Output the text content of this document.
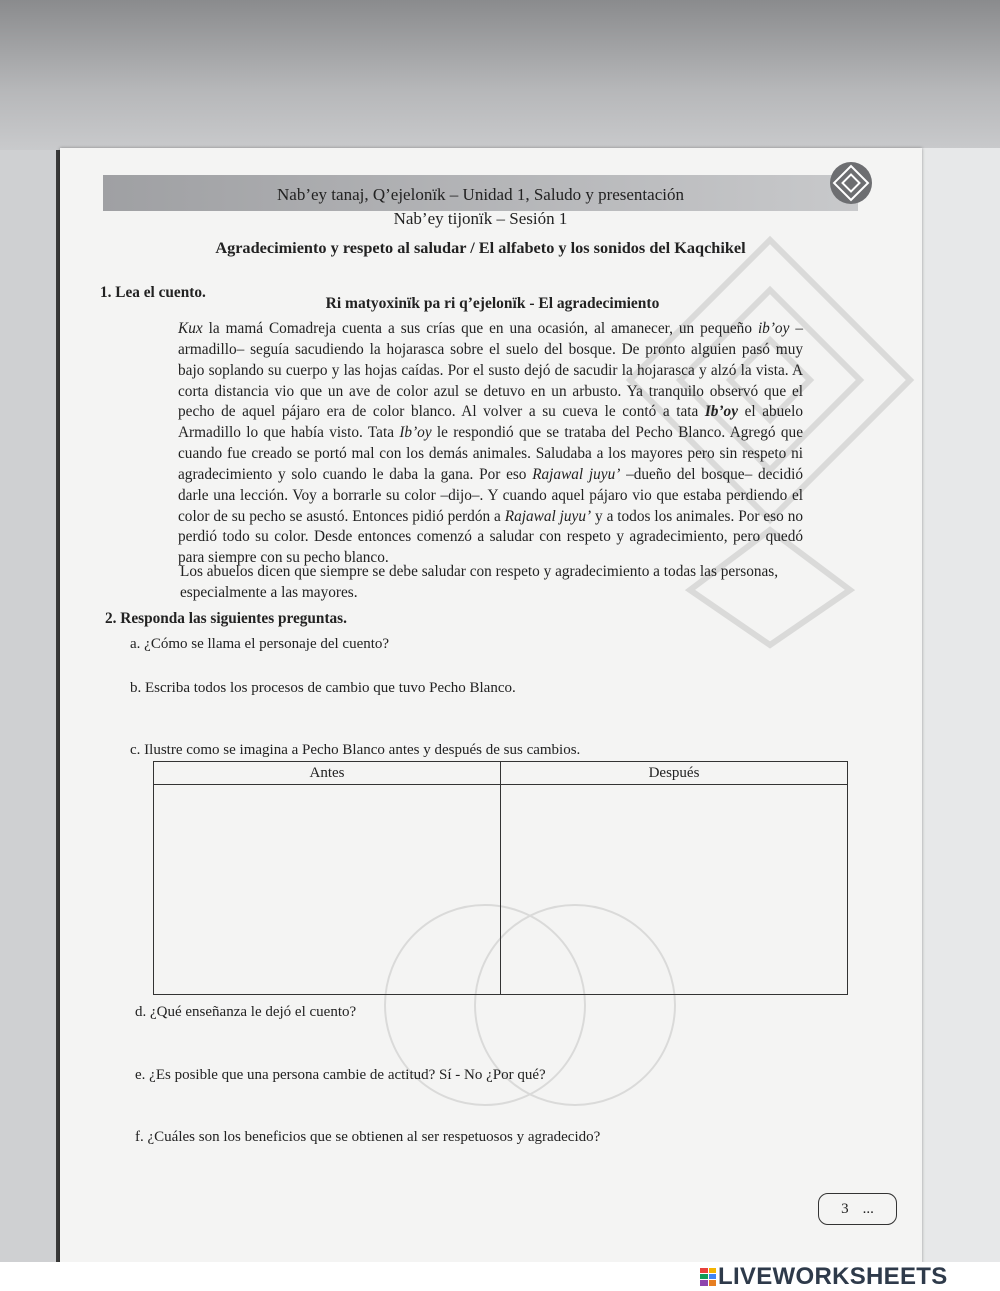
Nab’ey tanaj, Q’ejelonïk – Unidad 1, Saludo y presentación
Nab’ey tijonïk – Sesión 1
Agradecimiento y respeto al saludar / El alfabeto y los sonidos del Kaqchikel
1. Lea el cuento.
Ri matyoxinïk pa ri q’ejelonïk - El agradecimiento
Kux la mamá Comadreja cuenta a sus crías que en una ocasión, al amanecer, un pequeño ib’oy – armadillo– seguía sacudiendo la hojarasca sobre el suelo del bosque. De pronto alguien pasó muy bajo soplando su cuerpo y las hojas caídas. Por el susto dejó de sacudir la hojarasca y alzó la vista. A corta distancia vio que un ave de color azul se detuvo en un arbusto. Ya tranquilo observó que el pecho de aquel pájaro era de color blanco. Al volver a su cueva le contó a tata Ib’oy el abuelo Armadillo lo que había visto. Tata Ib’oy le respondió que se trataba del Pecho Blanco. Agregó que cuando fue creado se portó mal con los demás animales. Saludaba a los mayores pero sin respeto ni agradecimiento y solo cuando le daba la gana. Por eso Rajawal juyu’ –dueño del bosque– decidió darle una lección. Voy a borrarle su color –dijo–. Y cuando aquel pájaro vio que estaba perdiendo el color de su pecho se asustó. Entonces pidió perdón a Rajawal juyu’ y a todos los animales. Por eso no perdió todo su color. Desde entonces comenzó a saludar con respeto y agradecimiento, pero quedó para siempre con su pecho blanco.
Los abuelos dicen que siempre se debe saludar con respeto y agradecimiento a todas las personas, especialmente a las mayores.
2. Responda las siguientes preguntas.
a. ¿Cómo se llama el personaje del cuento?
b. Escriba todos los procesos de cambio que tuvo Pecho Blanco.
c. Ilustre como se imagina a Pecho Blanco antes y después de sus cambios.
Antes	Después

d. ¿Qué enseñanza le dejó el cuento?
e. ¿Es posible que una persona cambie de actitud? Sí - No ¿Por qué?
f. ¿Cuáles son los beneficios que se obtienen al ser respetuosos y agradecido?
3 ...
LIVEWORKSHEETS
